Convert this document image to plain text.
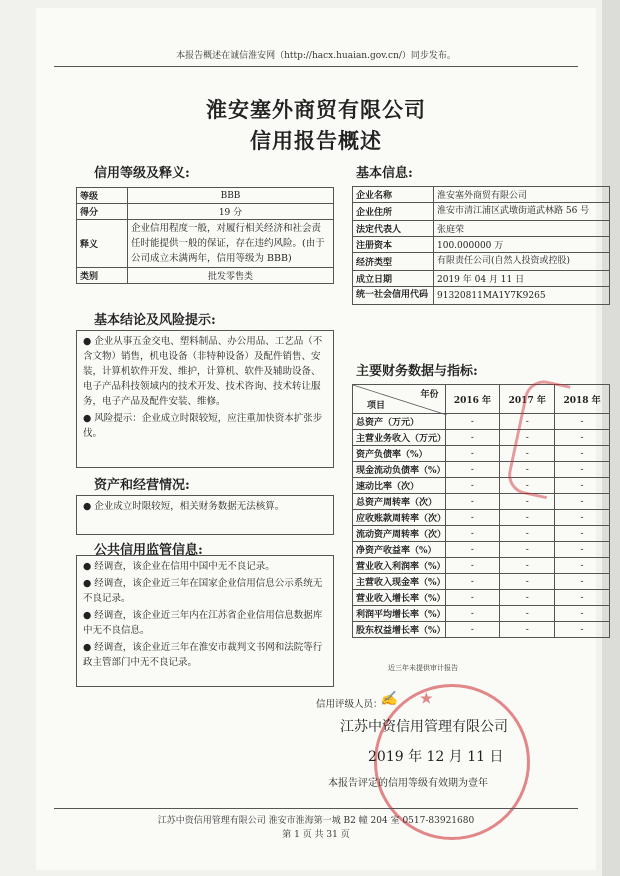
本报告概述在诚信淮安网（http://hacx.huaian.gov.cn/）同步发布。
淮安塞外商贸有限公司
信用报告概述
信用等级及释义:
等级	BBB
得分	19 分
释义	企业信用程度一般，对履行相关经济和社会责任时能提供一般的保证，存在违约风险。(由于公司成立未满两年，信用等级为 BBB)
类别	批发零售类
基本信息:
企业名称	淮安塞外商贸有限公司
企业住所	淮安市清江浦区武墩街道武林路 56 号
法定代表人	张庭荣
注册资本	100.000000 万
经济类型	有限责任公司(自然人投资或控股)
成立日期	2019 年 04 月 11 日
统一社会信用代码	91320811MA1Y7K9265
基本结论及风险提示:

● 企业从事五金交电、塑料制品、办公用品、工艺品（不含文物）销售，机电设备（非特种设备）及配件销售、安装，计算机软件开发、维护，计算机、软件及辅助设备、电子产品科技领域内的技术开发、技术咨询、技术转让服务，电子产品及配件安装、维修。

● 风险提示：企业成立时限较短，应注重加快资本扩张步伐。

资产和经营情况:

● 企业成立时限较短，相关财务数据无法核算。

公共信用监管信息:

● 经调查，该企业在信用中国中无不良记录。

● 经调查，该企业近三年在国家企业信用信息公示系统无不良记录。

● 经调查，该企业近三年内在江苏省企业信用信息数据库中无不良信息。

● 经调查，该企业近三年在淮安市裁判文书网和法院等行政主管部门中无不良记录。

主要财务数据与指标:
年份
项目	2016 年	2017 年	2018 年
总资产（万元）	-	-	-
主营业务收入（万元）	-	-	-
资产负债率（%）	-	-	-
现金流动负债率（%）	-	-	-
速动比率（次）	-	-	-
总资产周转率（次）	-	-	-
应收账款周转率（次）	-	-	-
流动资产周转率（次）	-	-	-
净资产收益率（%）	-	-	-
营业收入利润率（%）	-	-	-
主营收入现金率（%）	-	-	-
营业收入增长率（%）	-	-	-
利润平均增长率（%）	-	-	-
股东权益增长率（%）	-	-	-
近三年未提供审计报告
★
信用评级人员：
✍
江苏中资信用管理有限公司
2019 年 12 月 11 日
本报告评定的信用等级有效期为壹年
江苏中资信用管理有限公司 淮安市淮海第一城 B2 幢 204 室 0517-83921680
第 1 页 共 31 页
